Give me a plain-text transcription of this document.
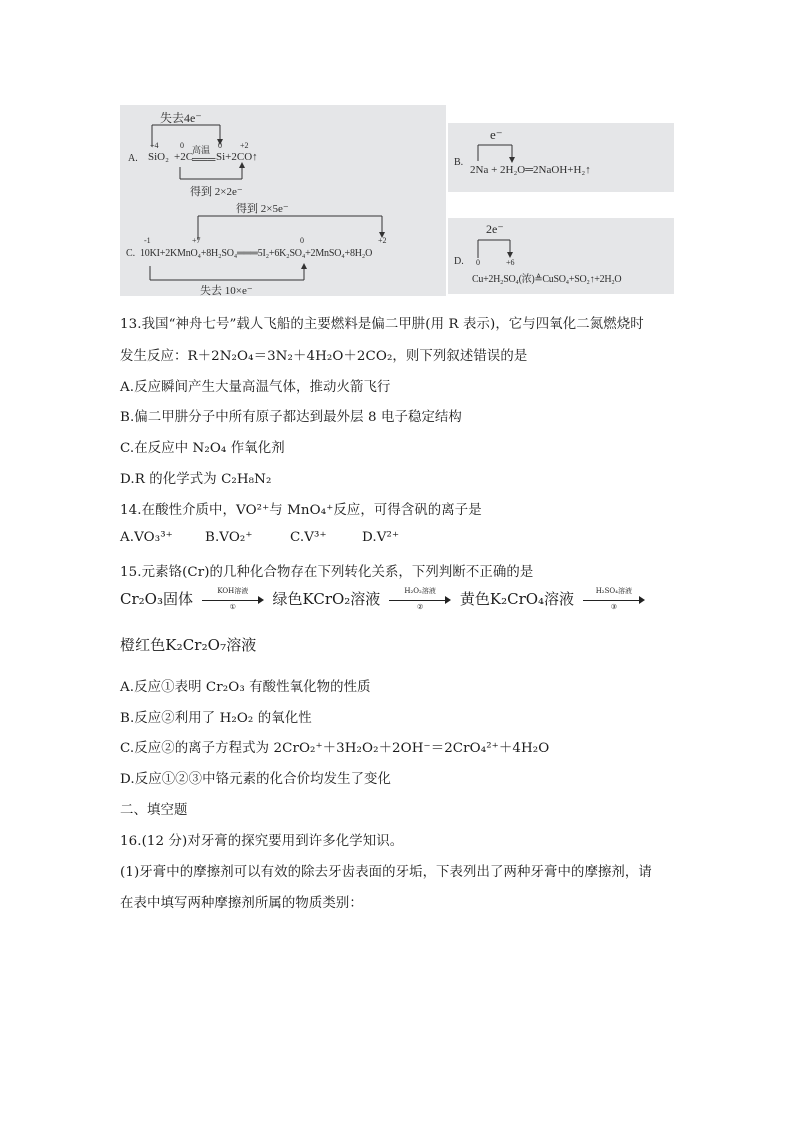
失去4e⁻
A.
+4	0 高温 0 +2
SiO₂ +2C
═══ Si+2CO↑
得到 2×2e⁻
e⁻
B.
2Na + 2H₂O═2NaOH+H₂↑
得到 2×5e⁻
C.
-1	+7	0	+2
10KI+2KMnO₄+8H₂SO₄═══5I₂+6K₂SO₄+2MnSO₄+8H₂O
失去 10×e⁻
2e⁻
D. 0	+6
Cu+2H₂SO₄(浓)≜CuSO₄+SO₂↑+2H₂O
13.我国“神舟七号”载人飞船的主要燃料是偏二甲肼(用 R 表示)，它与四氧化二氮燃烧时
发生反应：R＋2N₂O₄＝3N₂＋4H₂O＋2CO₂，则下列叙述错误的是
A.反应瞬间产生大量高温气体，推动火箭飞行
B.偏二甲肼分子中所有原子都达到最外层 8 电子稳定结构
C.在反应中 N₂O₄ 作氧化剂
D.R 的化学式为 C₂H₈N₂
14.在酸性介质中，VO²⁺与 MnO₄⁺反应，可得含矾的离子是
A.VO₃³⁺ B.VO₂⁺	C.V³⁺	D.V²⁺
15.元素铬(Cr)的几种化合物存在下列转化关系，下列判断不正确的是
Cr₂O₃固体	KOH溶液
①	绿色KCrO₂溶液	H₂O₂溶液
②	黄色K₂CrO₄溶液	H₂SO₄溶液
③
橙红色K₂Cr₂O₇溶液
A.反应①表明 Cr₂O₃ 有酸性氧化物的性质
B.反应②利用了 H₂O₂ 的氧化性
C.反应②的离子方程式为 2CrO₂⁺＋3H₂O₂＋2OH⁻＝2CrO₄²⁺＋4H₂O
D.反应①②③中铬元素的化合价均发生了变化
二、填空题
16.(12 分)对牙膏的探究要用到许多化学知识。
(1)牙膏中的摩擦剂可以有效的除去牙齿表面的牙垢，下表列出了两种牙膏中的摩擦剂，请
在表中填写两种摩擦剂所属的物质类别：
